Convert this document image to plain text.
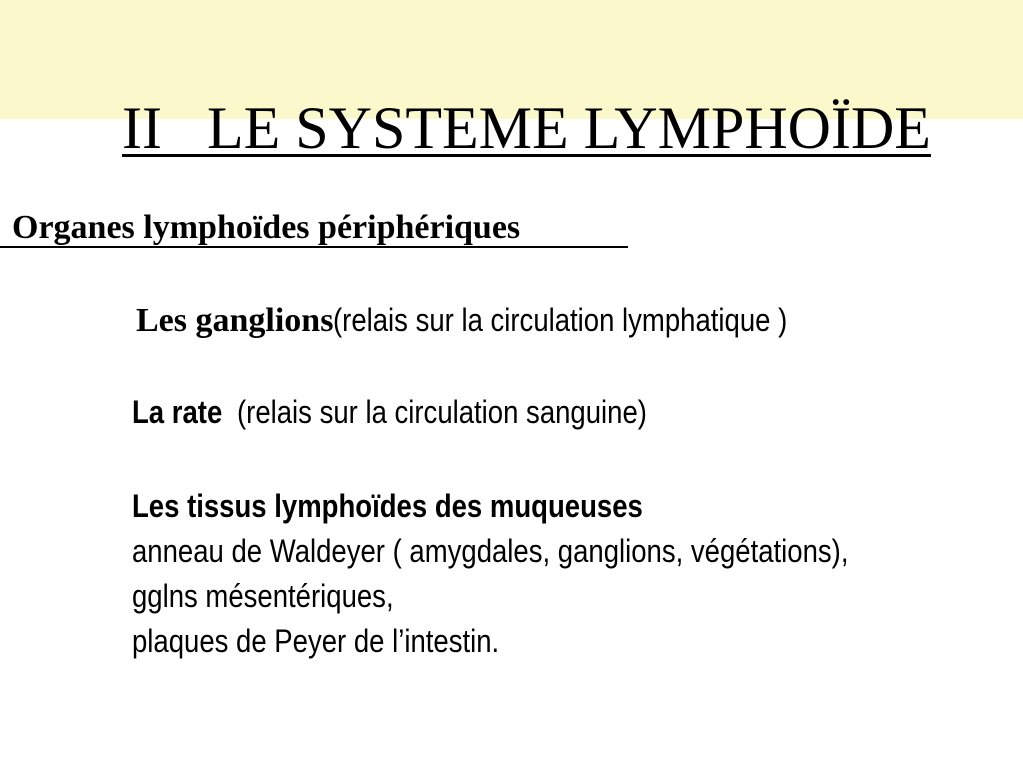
II   LE SYSTEME LYMPHOÏDE

Organes lymphoïdes périphériques
Les ganglions(relais sur la circulation lymphatique )
La rate(relais sur la circulation sanguine)
Les tissus lymphoïdes des muqueuses
anneau de Waldeyer ( amygdales, ganglions, végétations),
gglns mésentériques,
plaques de Peyer de l’intestin.
